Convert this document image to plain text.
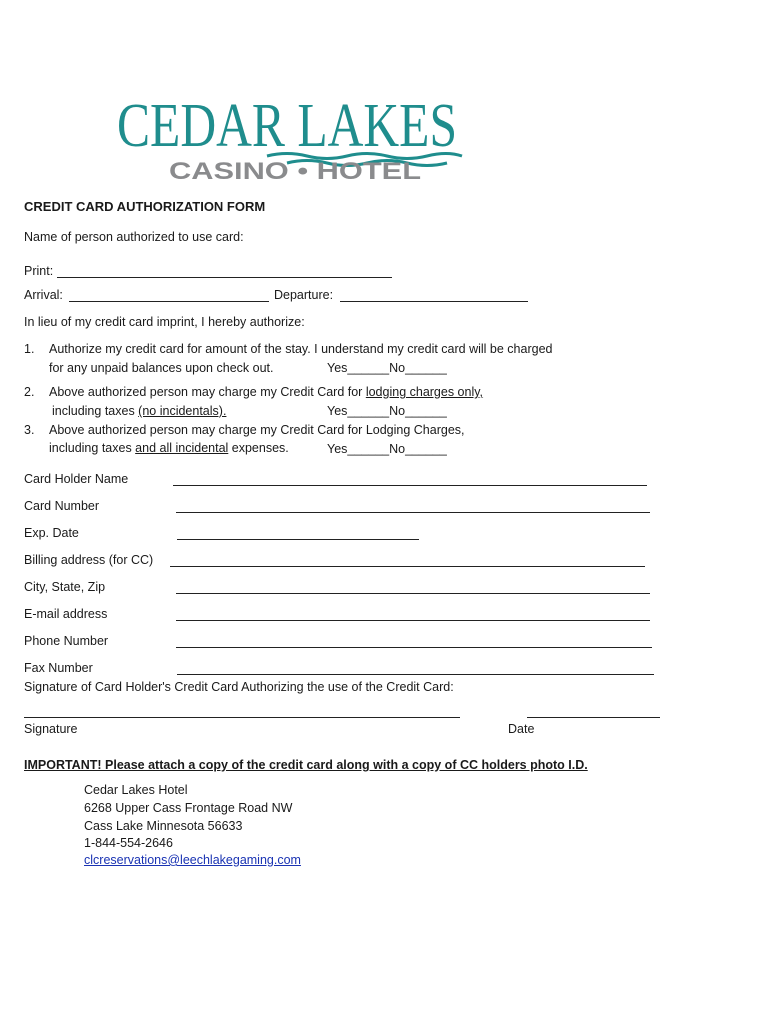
CEDAR LAKES
CASINO • HOTEL
CREDIT CARD AUTHORIZATION FORM
Name of person authorized to use card:
Print:
Arrival:	Departure:
In lieu of my credit card imprint, I hereby authorize:
1. Authorize my credit card for amount of the stay. I understand my credit card will be charged
for any unpaid balances upon check out.	Yes______No______
2. Above authorized person may charge my Credit Card for lodging charges only,
including taxes (no incidentals).	Yes______No______
3. Above authorized person may charge my Credit Card for Lodging Charges,
including taxes and all incidental expenses.	Yes______No______
Card Holder Name
Card Number
Exp. Date
Billing address (for CC)
City, State, Zip
E-mail address
Phone Number
Fax Number
Signature of Card Holder's Credit Card Authorizing the use of the Credit Card:
Signature	Date
IMPORTANT! Please attach a copy of the credit card along with a copy of CC holders photo I.D.
Cedar Lakes Hotel
6268 Upper Cass Frontage Road NW
Cass Lake Minnesota 56633
1-844-554-2646
clcreservations@leechlakegaming.com
